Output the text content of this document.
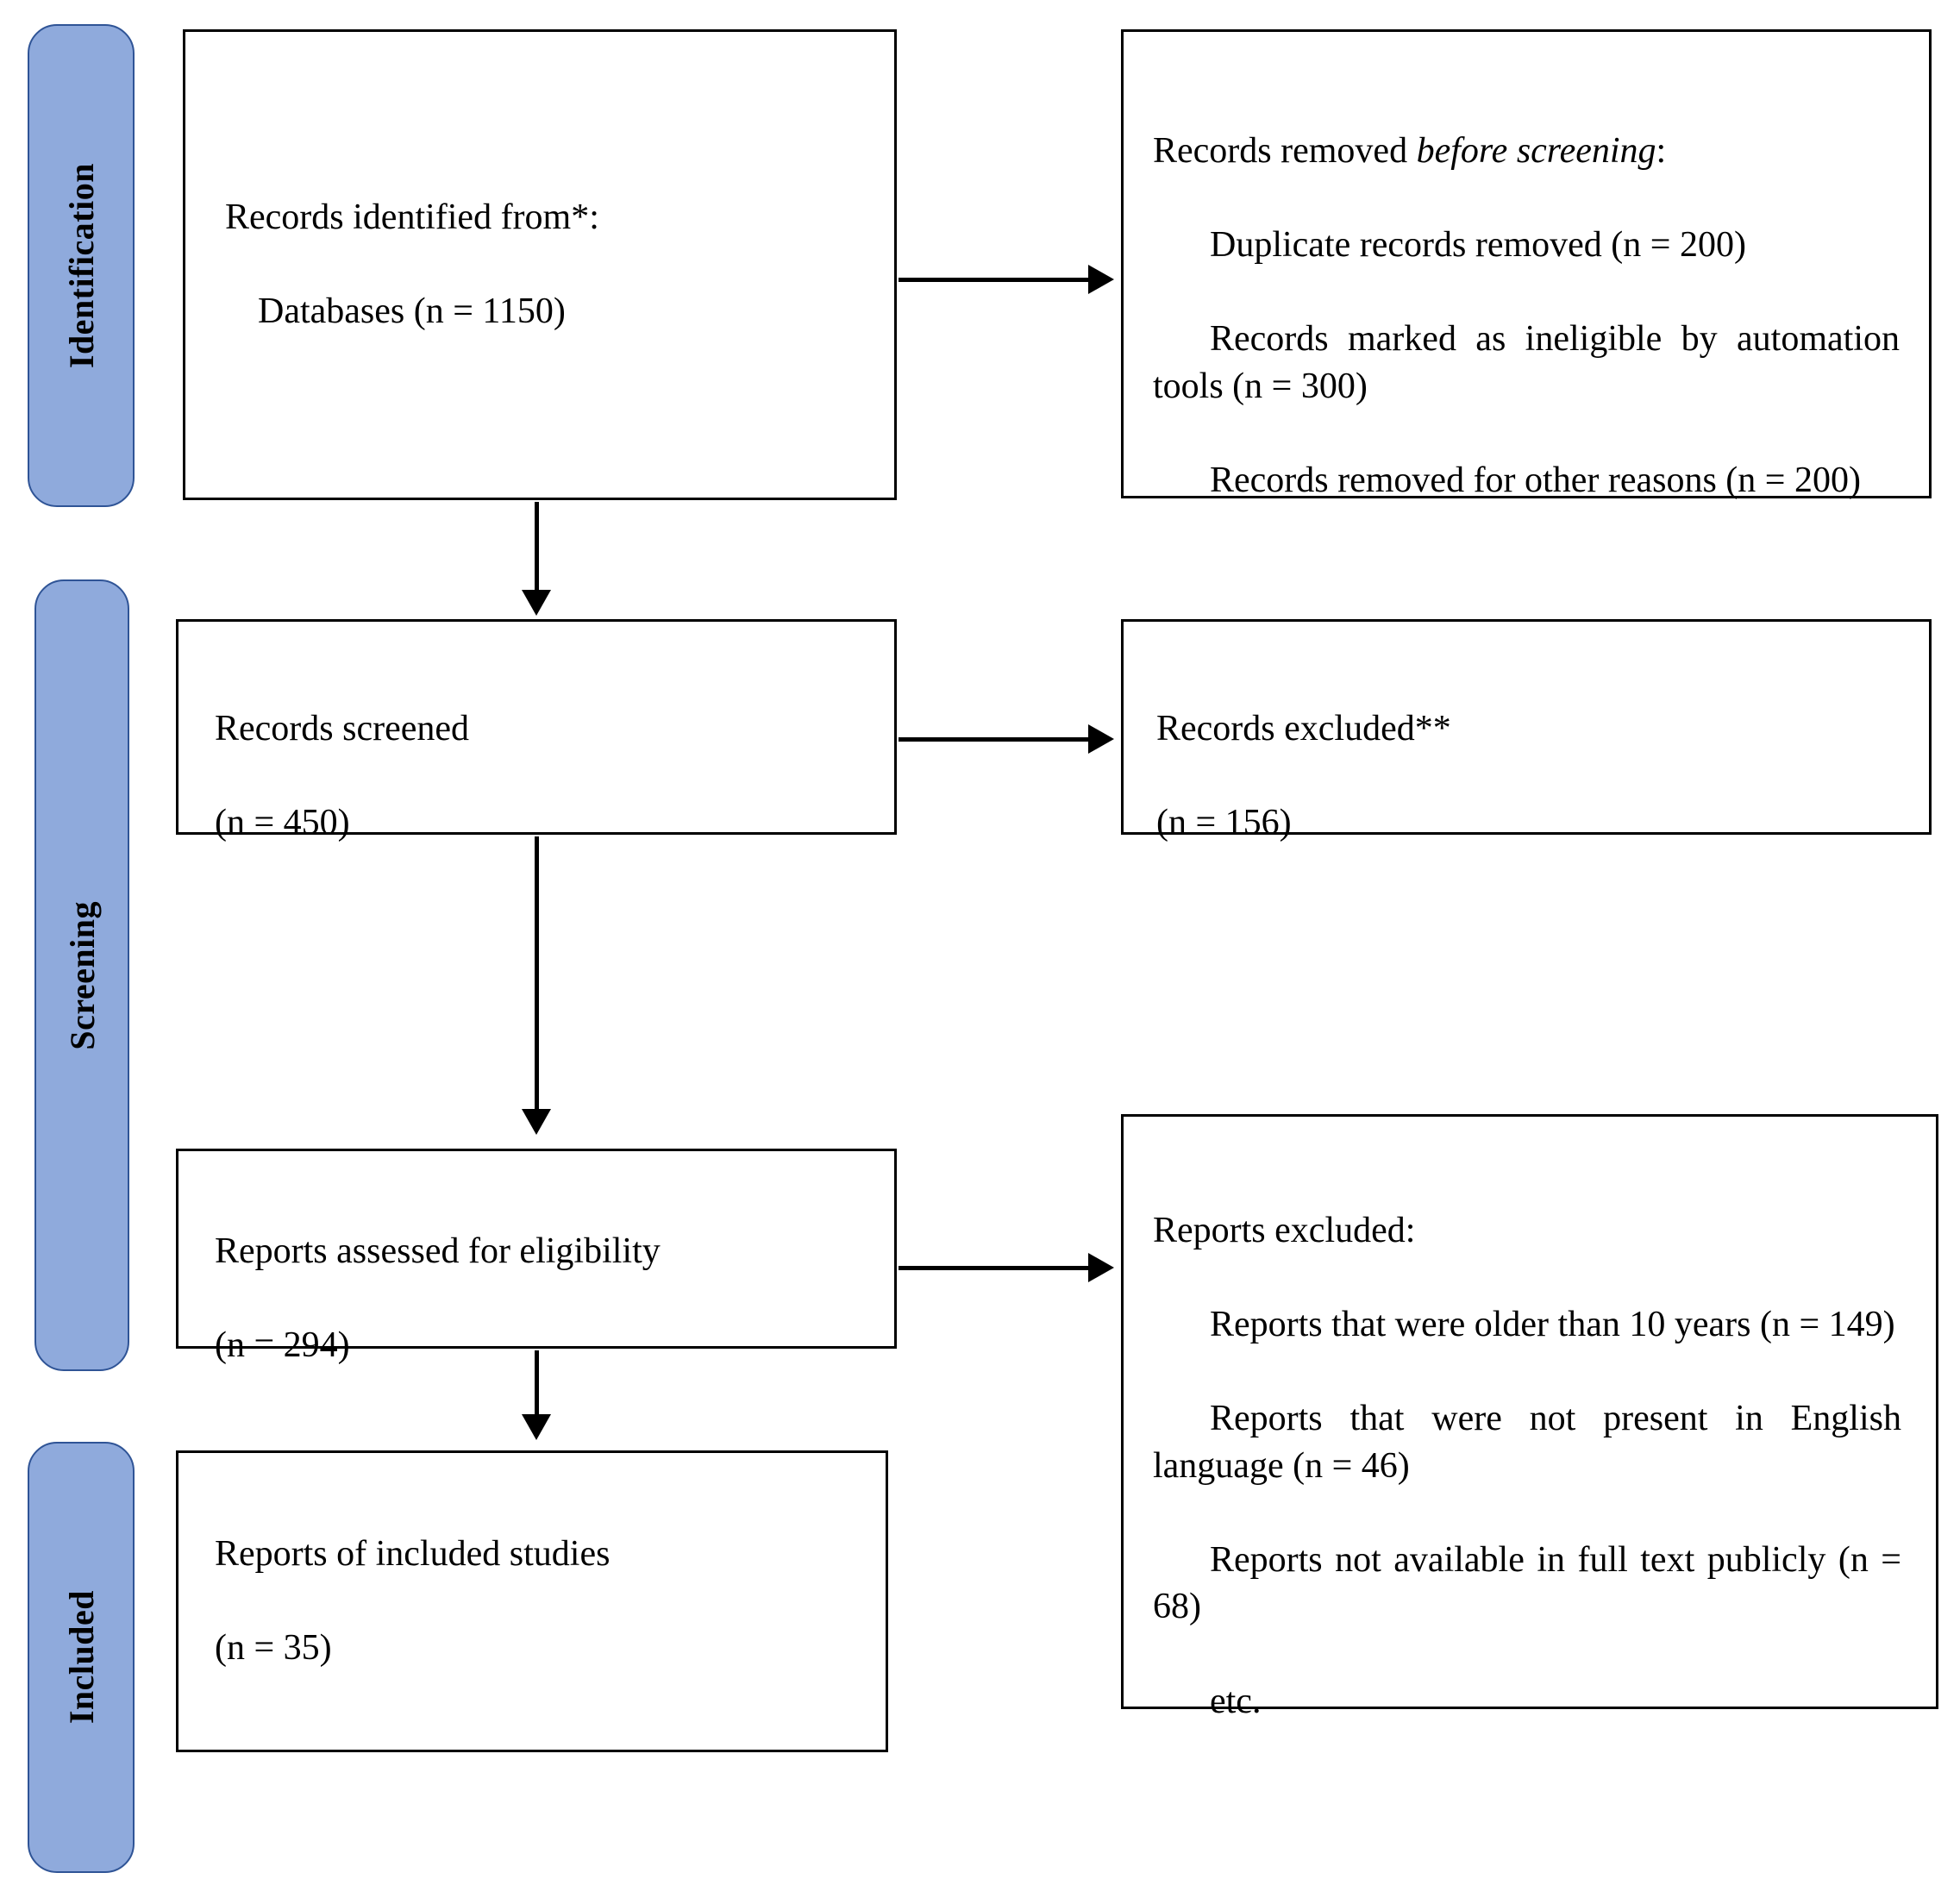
Identification
Screening
Included

Records identified from*:

Databases (n = 1150)

Records removed before screening:

Duplicate records removed (n = 200)

Records marked as ineligible by automation tools (n = 300)

Records removed for other reasons (n = 200)

Records screened

(n = 450)

Records excluded**

(n = 156)

Reports assessed for eligibility

(n = 294)

Reports excluded:

Reports that were older than 10 years (n = 149)

Reports that were not present in English language (n = 46)

Reports not available in full text publicly (n = 68)

etc.

Reports of included studies

(n = 35)
